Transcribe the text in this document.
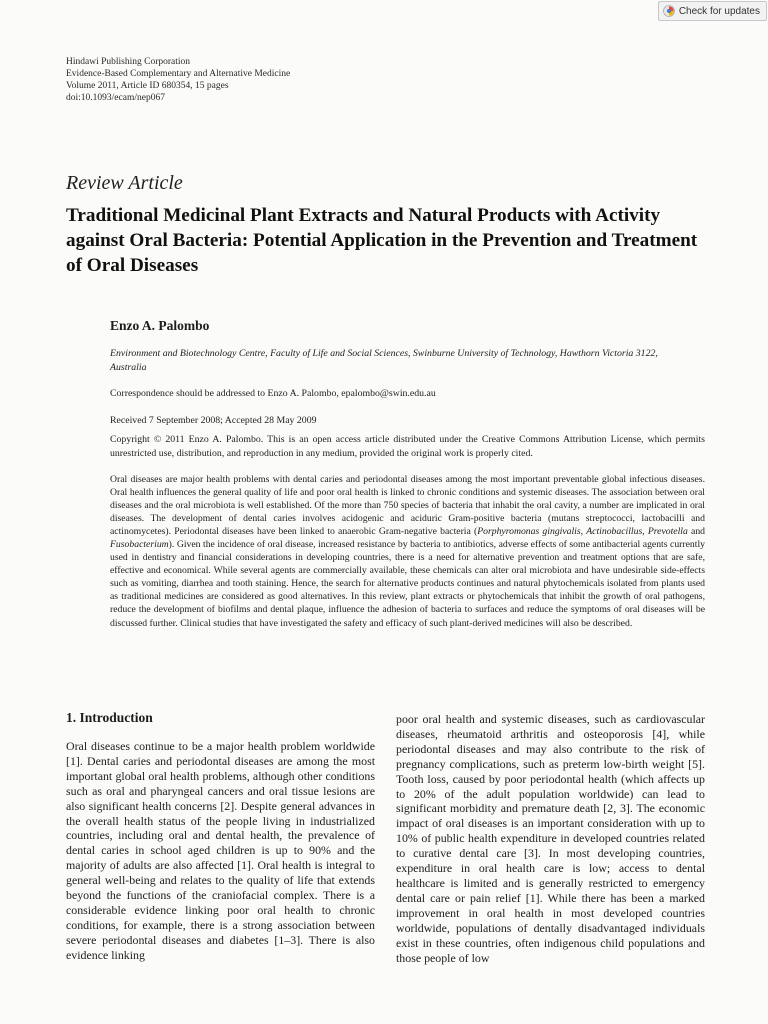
Check for updates
Hindawi Publishing Corporation
Evidence-Based Complementary and Alternative Medicine
Volume 2011, Article ID 680354, 15 pages
doi:10.1093/ecam/nep067
Review Article
Traditional Medicinal Plant Extracts and Natural Products with Activity against Oral Bacteria: Potential Application in the Prevention and Treatment of Oral Diseases
Enzo A. Palombo
Environment and Biotechnology Centre, Faculty of Life and Social Sciences, Swinburne University of Technology, Hawthorn Victoria 3122, Australia
Correspondence should be addressed to Enzo A. Palombo, epalombo@swin.edu.au
Received 7 September 2008; Accepted 28 May 2009
Copyright © 2011 Enzo A. Palombo. This is an open access article distributed under the Creative Commons Attribution License, which permits unrestricted use, distribution, and reproduction in any medium, provided the original work is properly cited.

Oral diseases are major health problems with dental caries and periodontal diseases among the most important preventable global infectious diseases. Oral health influences the general quality of life and poor oral health is linked to chronic conditions and systemic diseases. The association between oral diseases and the oral microbiota is well established. Of the more than 750 species of bacteria that inhabit the oral cavity, a number are implicated in oral diseases. The development of dental caries involves acidogenic and aciduric Gram-positive bacteria (mutans streptococci, lactobacilli and actinomycetes). Periodontal diseases have been linked to anaerobic Gram-negative bacteria (Porphyromonas gingivalis, Actinobacillus, Prevotella and Fusobacterium). Given the incidence of oral disease, increased resistance by bacteria to antibiotics, adverse effects of some antibacterial agents currently used in dentistry and financial considerations in developing countries, there is a need for alternative prevention and treatment options that are safe, effective and economical. While several agents are commercially available, these chemicals can alter oral microbiota and have undesirable side-effects such as vomiting, diarrhea and tooth staining. Hence, the search for alternative products continues and natural phytochemicals isolated from plants used as traditional medicines are considered as good alternatives. In this review, plant extracts or phytochemicals that inhibit the growth of oral pathogens, reduce the development of biofilms and dental plaque, influence the adhesion of bacteria to surfaces and reduce the symptoms of oral diseases will be discussed further. Clinical studies that have investigated the safety and efficacy of such plant-derived medicines will also be described.

1. Introduction

Oral diseases continue to be a major health problem worldwide [1]. Dental caries and periodontal diseases are among the most important global oral health problems, although other conditions such as oral and pharyngeal cancers and oral tissue lesions are also significant health concerns [2]. Despite general advances in the overall health status of the people living in industrialized countries, including oral and dental health, the prevalence of dental caries in school aged children is up to 90% and the majority of adults are also affected [1]. Oral health is integral to general well-being and relates to the quality of life that extends beyond the functions of the craniofacial complex. There is a considerable evidence linking poor oral health to chronic conditions, for example, there is a strong association between severe periodontal diseases and diabetes [1–3]. There is also evidence linking

poor oral health and systemic diseases, such as cardiovascular diseases, rheumatoid arthritis and osteoporosis [4], while periodontal diseases and may also contribute to the risk of pregnancy complications, such as preterm low-birth weight [5]. Tooth loss, caused by poor periodontal health (which affects up to 20% of the adult population worldwide) can lead to significant morbidity and premature death [2, 3]. The economic impact of oral diseases is an important consideration with up to 10% of public health expenditure in developed countries related to curative dental care [3]. In most developing countries, expenditure in oral health care is low; access to dental healthcare is limited and is generally restricted to emergency dental care or pain relief [1]. While there has been a marked improvement in oral health in most developed countries worldwide, populations of dentally disadvantaged individuals exist in these countries, often indigenous child populations and those people of low
